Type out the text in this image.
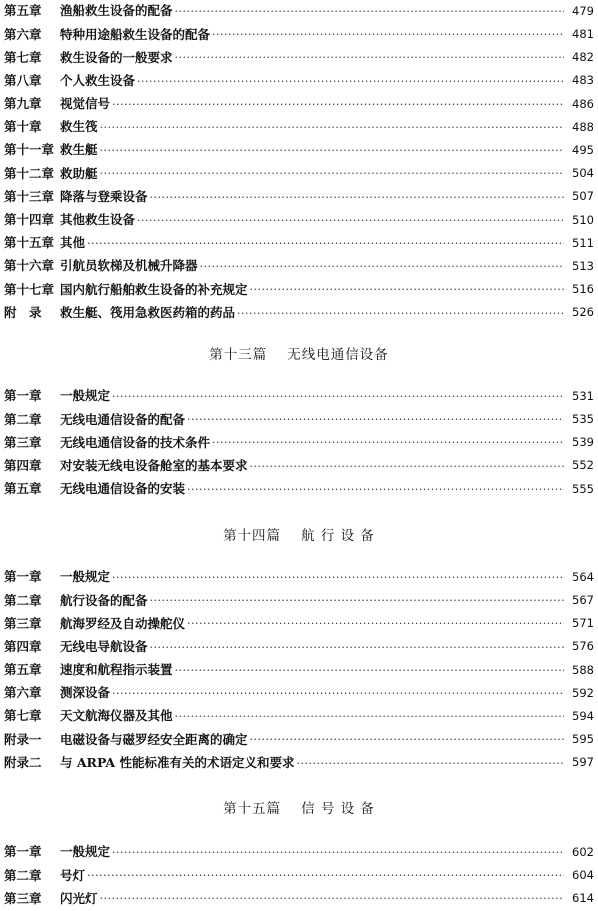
第五章	渔船救生设备的配备 ·····	479
第六章	特种用途船救生设备的配备 ·····	481
第七章	救生设备的一般要求 ·····	482
第八章	个人救生设备 ·····	483
第九章	视觉信号 ·····	486
第十章	救生筏 ·····	488
第十一章 救生艇 ·····	495
第十二章 救助艇 ·····	504
第十三章 降落与登乘设备 ·····	507
第十四章 其他救生设备 ·····	510
第十五章 其他 ·····	511
第十六章 引航员软梯及机械升降器 ·····	513
第十七章 国内航行船舶救生设备的补充规定 ·····	516
附　录	救生艇、筏用急救医药箱的药品 ·····	526
第十三篇 无线电通信设备
第一章	一般规定 ·····	531
第二章	无线电通信设备的配备 ·····	535
第三章	无线电通信设备的技术条件 ·····	539
第四章	对安装无线电设备舱室的基本要求 ·····	552
第五章	无线电通信设备的安装 ·····	555
第十四篇 航 行 设 备
第一章	一般规定 ·····	564
第二章	航行设备的配备 ·····	567
第三章	航海罗经及自动操舵仪 ·····	571
第四章	无线电导航设备 ·····	576
第五章	速度和航程指示装置 ·····	588
第六章	测深设备 ·····	592
第七章	天文航海仪器及其他 ·····	594
附录一	电磁设备与磁罗经安全距离的确定 ·····	595
附录二	与 ARPA 性能标准有关的术语定义和要求 ·····	597
第十五篇 信 号 设 备
第一章	一般规定 ·····	602
第二章	号灯 ·····	604
第三章	闪光灯 ·····	614
